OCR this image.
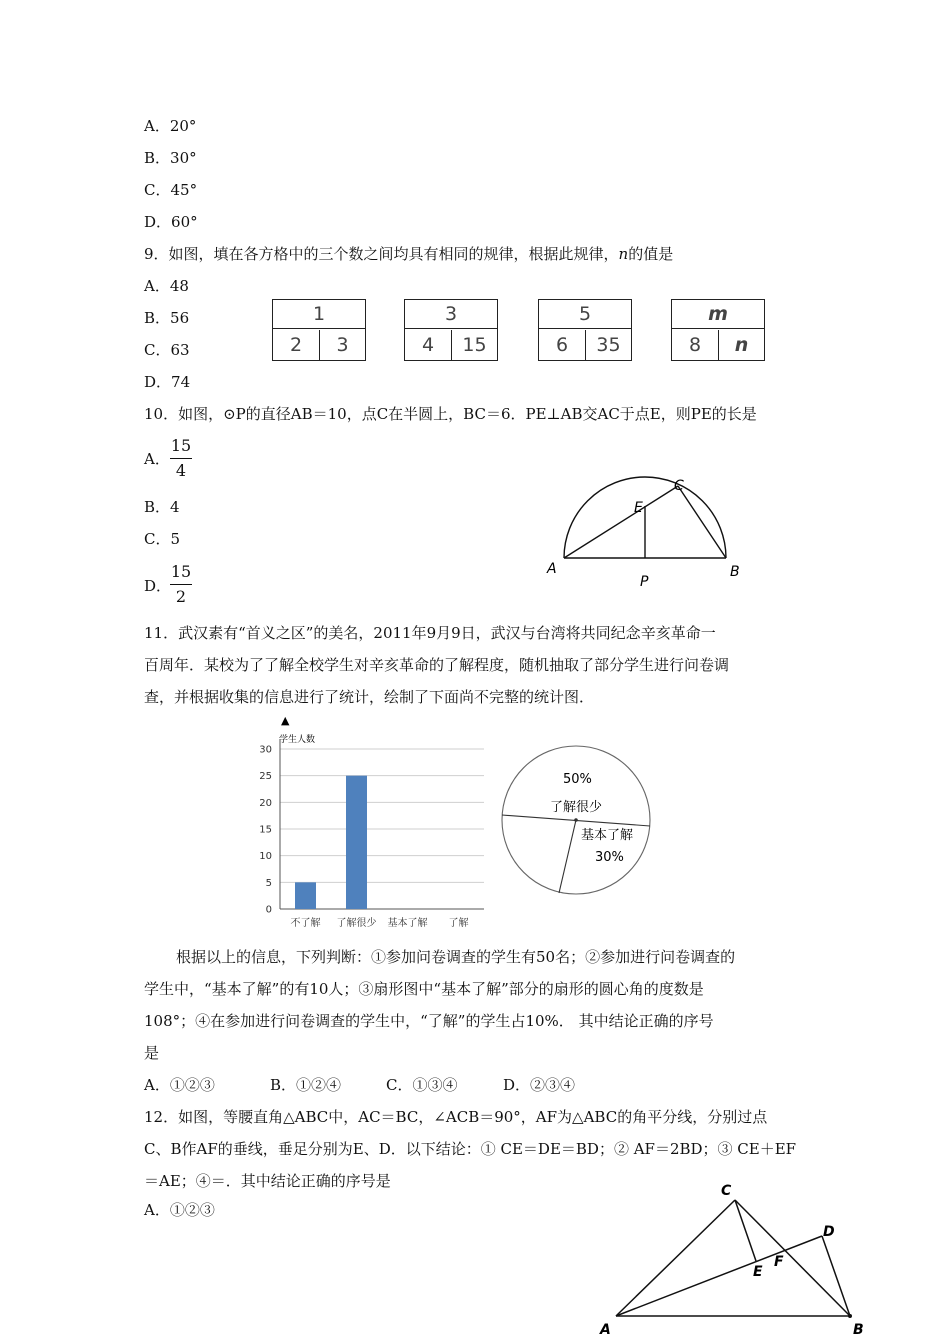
A．20°
B．30°
C．45°
D．60°
9．如图，填在各方格中的三个数之间均具有相同的规律，根据此规律，n的值是
A．48
B．56
C．63
D．74
1
2	3
3
4	15
5
6	35
m
8	n
10．如图，⊙P的直径AB＝10，点C在半圆上，BC＝6．PE⊥AB交AC于点E，则PE的长是
A．
15
4
B．4
C．5
D．
15
2
A	B
C
E
P
11．武汉素有“首义之区”的美名，2011年9月9日，武汉与台湾将共同纪念辛亥革命一
百周年．某校为了了解全校学生对辛亥革命的了解程度，随机抽取了部分学生进行问卷调
查，并根据收集的信息进行了统计，绘制了下面尚不完整的统计图．
▲
学生人数
0
5
10
15
20
25
30
不了解 了解很少 基本了解 了解
50%
了解很少
基本了解
30%
根据以上的信息，下列判断：①参加问卷调查的学生有50名；②参加进行问卷调查的
学生中，“基本了解”的有10人；③扇形图中“基本了解”部分的扇形的圆心角的度数是
108°；④在参加进行问卷调查的学生中，“了解”的学生占10%． 其中结论正确的序号
是
A．①②③	B．①②④	C．①③④	D．②③④
12．如图，等腰直角△ABC中，AC＝BC，∠ACB＝90°，AF为△ABC的角平分线，分别过点
C、B作AF的垂线，垂足分别为E、D．以下结论：① CE＝DE＝BD；② AF＝2BD；③ CE＋EF
＝AE；④＝．其中结论正确的序号是
A．①②③
A	B
C
D
E
F
